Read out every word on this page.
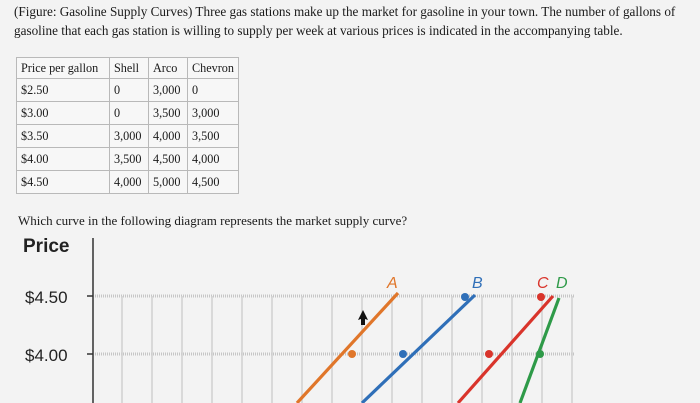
(Figure: Gasoline Supply Curves) Three gas stations make up the market for gasoline in your town. The number of gallons of gasoline that each gas station is willing to supply per week at various prices is indicated in the accompanying table.
Price per gallon	Shell	Arco	Chevron
$2.50	0	3,000	0
$3.00	0	3,500	3,000
$3.50	3,000	4,000	3,500
$4.00	3,500	4,500	4,000
$4.50	4,000	5,000	4,500
Which curve in the following diagram represents the market supply curve?
Price
$4.50
$4.00
A	B	C D
